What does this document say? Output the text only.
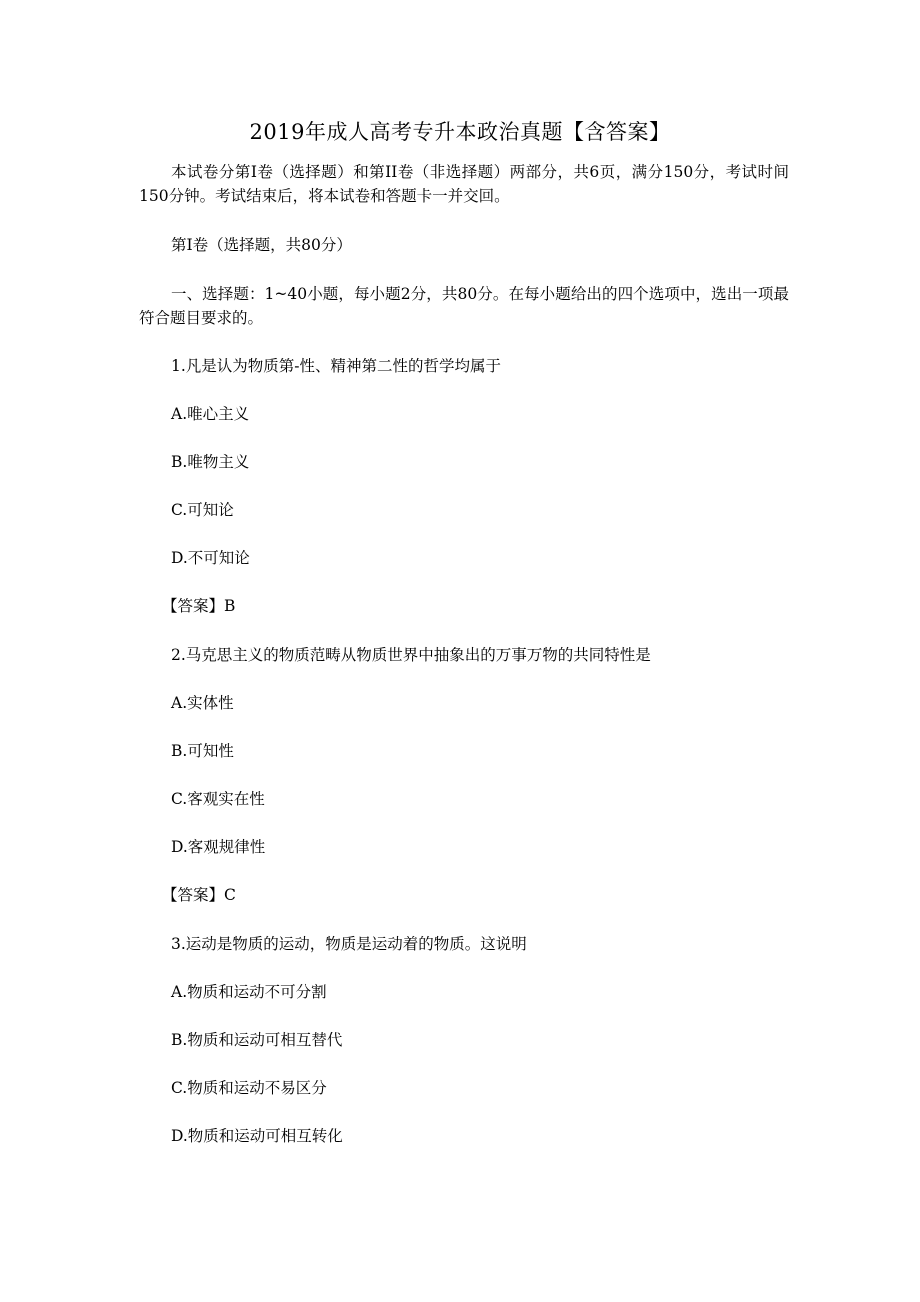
2019年成人高考专升本政治真题【含答案】
本试卷分第I卷（选择题）和第II卷（非选择题）两部分，共6页，满分150分，考试时间150分钟。考试结束后，将本试卷和答题卡一并交回。
第I卷（选择题，共80分）
一、选择题：1~40小题，每小题2分，共80分。在每小题给出的四个选项中，选出一项最符合题目要求的。
1.凡是认为物质第-性、精神第二性的哲学均属于
A.唯心主义
B.唯物主义
C.可知论
D.不可知论
【答案】B
2.马克思主义的物质范畴从物质世界中抽象出的万事万物的共同特性是
A.实体性
B.可知性
C.客观实在性
D.客观规律性
【答案】C
3.运动是物质的运动，物质是运动着的物质。这说明
A.物质和运动不可分割
B.物质和运动可相互替代
C.物质和运动不易区分
D.物质和运动可相互转化
